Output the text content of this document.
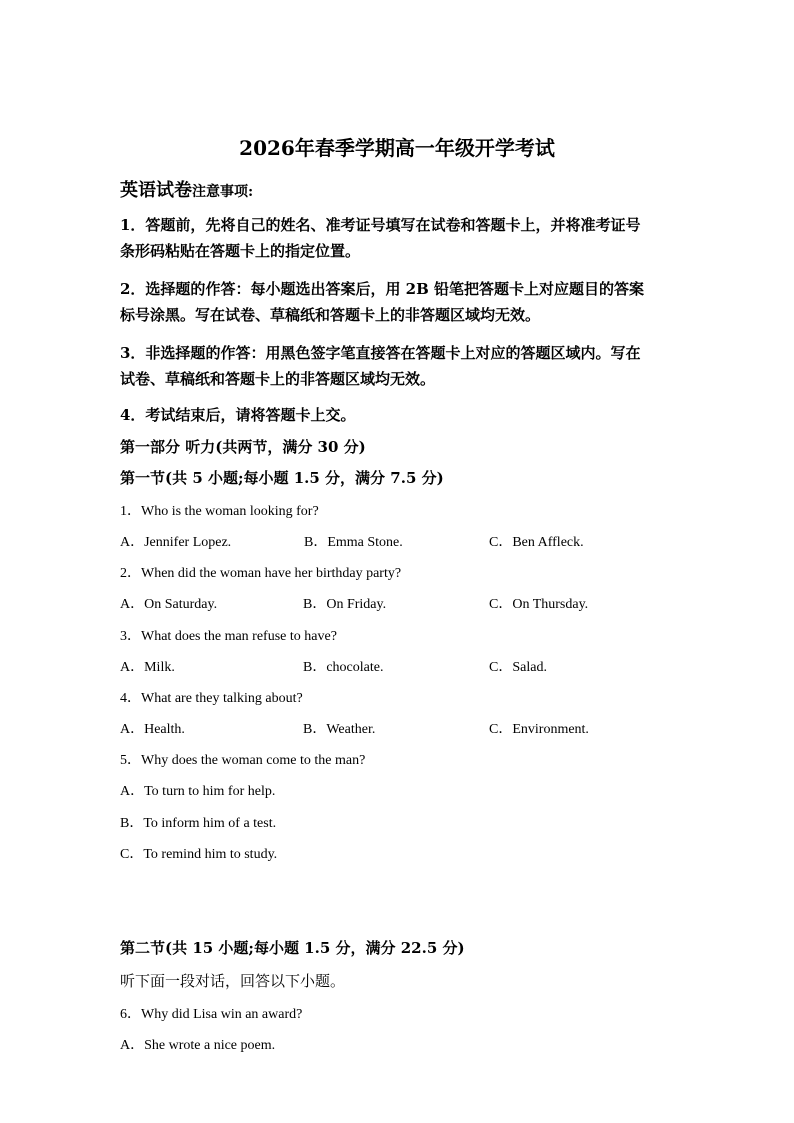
2026年春季学期高一年级开学考试
英语试卷注意事项:
1．答题前，先将自己的姓名、准考证号填写在试卷和答题卡上，并将准考证号
条形码粘贴在答题卡上的指定位置。
2．选择题的作答：每小题选出答案后，用 2B 铅笔把答题卡上对应题目的答案
标号涂黑。写在试卷、草稿纸和答题卡上的非答题区域均无效。
3．非选择题的作答：用黑色签字笔直接答在答题卡上对应的答题区域内。写在
试卷、草稿纸和答题卡上的非答题区域均无效。
4．考试结束后，请将答题卡上交。
第一部分 听力(共两节，满分 30 分)
第一节(共 5 小题;每小题 1.5 分，满分 7.5 分)
1．Who is the woman looking for?
A．Jennifer Lopez.	B．Emma Stone.	C．Ben Affleck.
2．When did the woman have her birthday party?
A．On Saturday.	B．On Friday.	C．On Thursday.
3．What does the man refuse to have?
A．Milk.	B．chocolate.	C．Salad.
4．What are they talking about?
A．Health.	B．Weather.	C．Environment.
5．Why does the woman come to the man?
A．To turn to him for help.
B．To inform him of a test.
C．To remind him to study.
第二节(共 15 小题;每小题 1.5 分，满分 22.5 分)
听下面一段对话，回答以下小题。
6．Why did Lisa win an award?
A．She wrote a nice poem.
